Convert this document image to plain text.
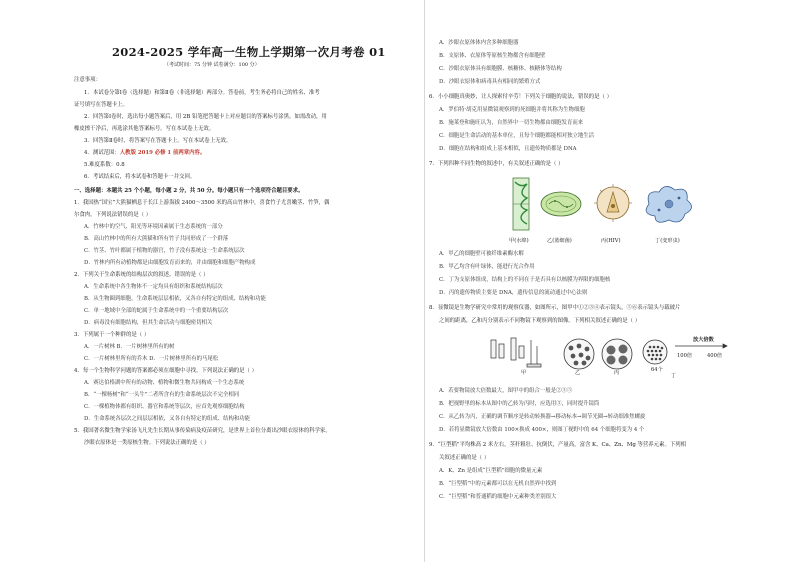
2024-2025 学年高一生物上学期第一次月考卷 01
（考试时间：75 分钟 试卷满分：100 分）
注意事项：
1．本试卷分第Ⅰ卷（选择题）和第Ⅱ卷（非选择题）两部分。答卷前，考生务必将自己的姓名、准考
证号填写在答题卡上。
2．回答第Ⅰ卷时，选出每小题答案后，用 2B 铅笔把答题卡上对应题目的答案标号涂黑。如需改动，用
橡皮擦干净后，再选涂其他答案标号。写在本试卷上无效。
3．回答第Ⅱ卷时，将答案写在答题卡上。写在本试卷上无效。
4．测试范围：人教版 2019 必修 1 前两章内容。
5.难度系数：0.8
6．考试结束后，将本试卷和答题卡一并交回。
一、选择题：本题共 25 个小题，每小题 2 分，共 50 分。每小题只有一个选项符合题目要求。
1．我国热“国宝”大熊猫栖息于长江上游海拔 2400～3500 米的高山竹林中，喜食竹子尤喜嫩茎、竹笋，偶
尔食肉。下列说法错误的是（ ）
A．竹林中的空气、阳光等环境因素属于生态系统的一部分
B．高山竹林中的所有大熊猫和所有竹子共同形成了一个群落
C．竹茎、竹叶都属于植物的器官，竹子没有系统这一生命系统层次
D．竹林内所有动植物都是由细胞发育而来的，并由细胞和细胞产物构成
2．下列关于生命系统的结构层次的叙述，错误的是（ ）
A．生命系统中各生物体不一定均具有组织和系统结构层次
B．从生物圈到细胞，生命系统层层相依，又各自有特定的组成、结构和功能
C．单一地域中全部的蛇属于生命系统中的一个重要结构层次
D．病毒没有细胞结构，但其生命活动与细胞密切相关
3．下列属于一个种群的是（ ）
A．一片树林 B．一片树林里所有的树
C．一片树林里所有的乔木 D．一片树林里所有的马尾松
4．每一个生物科学问题的答案都必须在细胞中寻找。下列说法正确的是（ ）
A．赛达伯格湖中所有的动物、植物和微生物共同构成一个生态系统
B．“一棵杨树”和“一头牛”二者所含有的生命系统层次不完全相同
C．一棵植物体都有组织、器官和系统等层次，应首先观察细胞结构
D．生命系统各层次之间层层相依，又各自有特定的组成、结构和功能
5．我国著名微生物学家汤飞凡先生长期从事传染病及疫苗研究，是世界上首位分离出沙眼衣原体的科学家。
沙眼衣原体是一类原核生物。下列说法正确的是（ ）
A．沙眼衣原体体内含多种细胞器
B．支原体、衣原体等原核生物都含有细胞壁
C．沙眼衣原体具有细胞膜、核糖体、核糖体等结构
D．沙眼衣原体和病毒具有相同的繁殖方式
6．小小细胞真奥妙，让人探索付辛劳！下列关于细胞的说法，错误的是（ ）
A．罗伯特·胡克用显微镜观察到的死细胞并将其称为生物细胞
B．施莱登和施旺认为，自然界中一切生物都由细胞发育而来
C．细胞是生命活动的基本单位，且每个细胞都能相对独立地生活
D．细胞在结构和组成上基本相似，且遗传物质都是 DNA
7．下列四种不同生物的叙述中，有关叙述正确的是（ ）
甲(水绵)	乙(蓝细菌)	丙(HIV)	丁(变形虫)
A．甲乙的细胞壁可被纤维素酶水解
B．甲乙均含有叶绿体，能进行光合作用
C．丁为支原体组成，结构上的不同在于是否具有以核膜为界限的细胞核
D．丙的遗传物质主要是 DNA，遗传信息的流动通过中心法则
8．显微镜是生物学研究中常用的观察仪器，如图所示，图甲中①②③④表示镜头，⑤⑥表示镜头与载玻片
之间的距离，乙和丙分别表示不同物镜下观察到的图像。下列相关叙述正确的是（ ）
甲	乙	丙	64个
丁
放大倍数
100倍	400倍
A．若要物镜放大倍数最大，图甲中的组合一般是②③⑤
B．把视野里的标本从图中的乙转为丙时，应选用③，同时提升镜筒
C．从乙转为丙，正确的调节顺序是转动转换器→移动标本→调节光圈→转动细准焦螺旋
D．若将显微镜放大倍数由 100×换成 400×，则图丁视野中的 64 个细胞将变为 4 个
9．“巨型稻”平均株高 2 米左右，茎秆粗壮、抗倒伏，产量高，富含 K、Ca、Zn、Mg 等营养元素。下列相
关叙述正确的是（ ）
A．K、Zn 是组成“巨型稻”细胞的微量元素
B．“巨型稻”中的元素都可以在无机自然界中找到
C．“巨型稻”和普通稻的细胞中元素种类差别很大
